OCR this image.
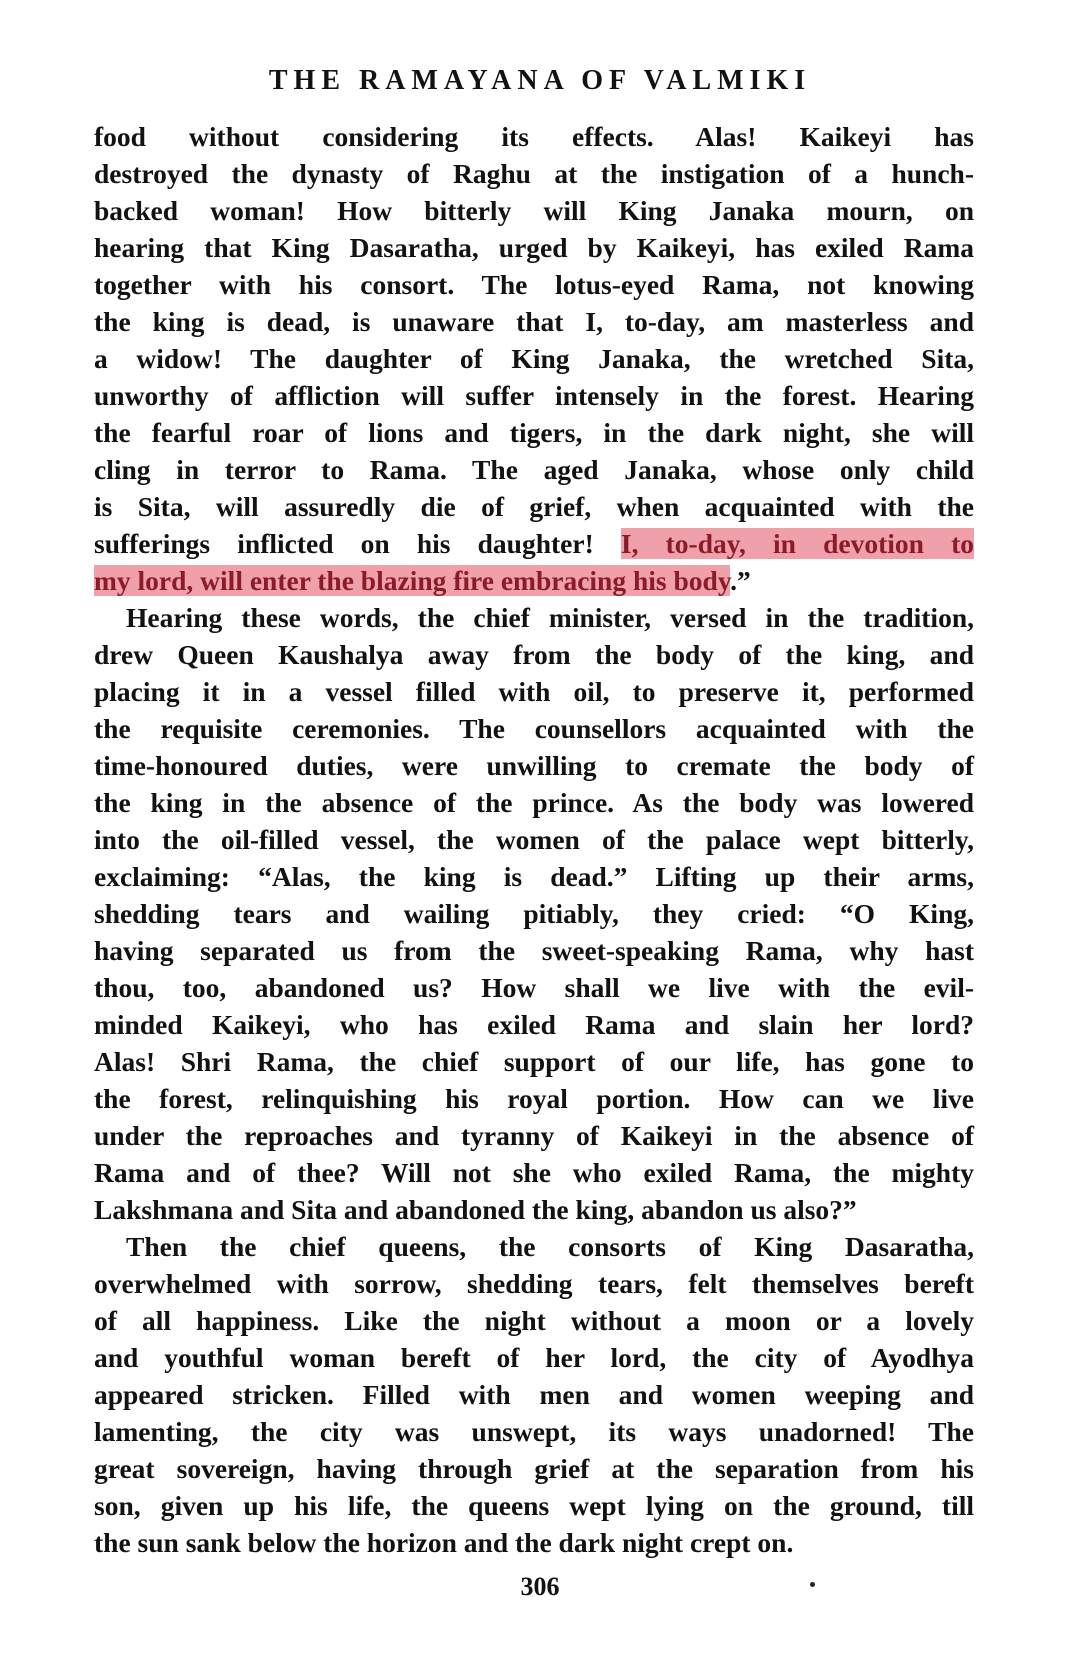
THE RAMAYANA OF VALMIKI

food without considering its effects. Alas! Kaikeyi has
destroyed the dynasty of Raghu at the instigation of a hunch-
backed woman! How bitterly will King Janaka mourn, on
hearing that King Dasaratha, urged by Kaikeyi, has exiled Rama
together with his consort. The lotus-eyed Rama, not knowing
the king is dead, is unaware that I, to-day, am masterless and
a widow! The daughter of King Janaka, the wretched Sita,
unworthy of affliction will suffer intensely in the forest. Hearing
the fearful roar of lions and tigers, in the dark night, she will
cling in terror to Rama. The aged Janaka, whose only child
is Sita, will assuredly die of grief, when acquainted with the
sufferings inflicted on his daughter! I, to-day, in devotion to
my lord, will enter the blazing fire embracing his body.”

Hearing these words, the chief minister, versed in the tradition,
drew Queen Kaushalya away from the body of the king, and
placing it in a vessel filled with oil, to preserve it, performed
the requisite ceremonies. The counsellors acquainted with the
time-honoured duties, were unwilling to cremate the body of
the king in the absence of the prince. As the body was lowered
into the oil-filled vessel, the women of the palace wept bitterly,
exclaiming: “Alas, the king is dead.” Lifting up their arms,
shedding tears and wailing pitiably, they cried: “O King,
having separated us from the sweet-speaking Rama, why hast
thou, too, abandoned us? How shall we live with the evil-
minded Kaikeyi, who has exiled Rama and slain her lord?
Alas! Shri Rama, the chief support of our life, has gone to
the forest, relinquishing his royal portion. How can we live
under the reproaches and tyranny of Kaikeyi in the absence of
Rama and of thee? Will not she who exiled Rama, the mighty
Lakshmana and Sita and abandoned the king, abandon us also?”

Then the chief queens, the consorts of King Dasaratha,
overwhelmed with sorrow, shedding tears, felt themselves bereft
of all happiness. Like the night without a moon or a lovely
and youthful woman bereft of her lord, the city of Ayodhya
appeared stricken. Filled with men and women weeping and
lamenting, the city was unswept, its ways unadorned! The
great sovereign, having through grief at the separation from his
son, given up his life, the queens wept lying on the ground, till
the sun sank below the horizon and the dark night crept on.

306
